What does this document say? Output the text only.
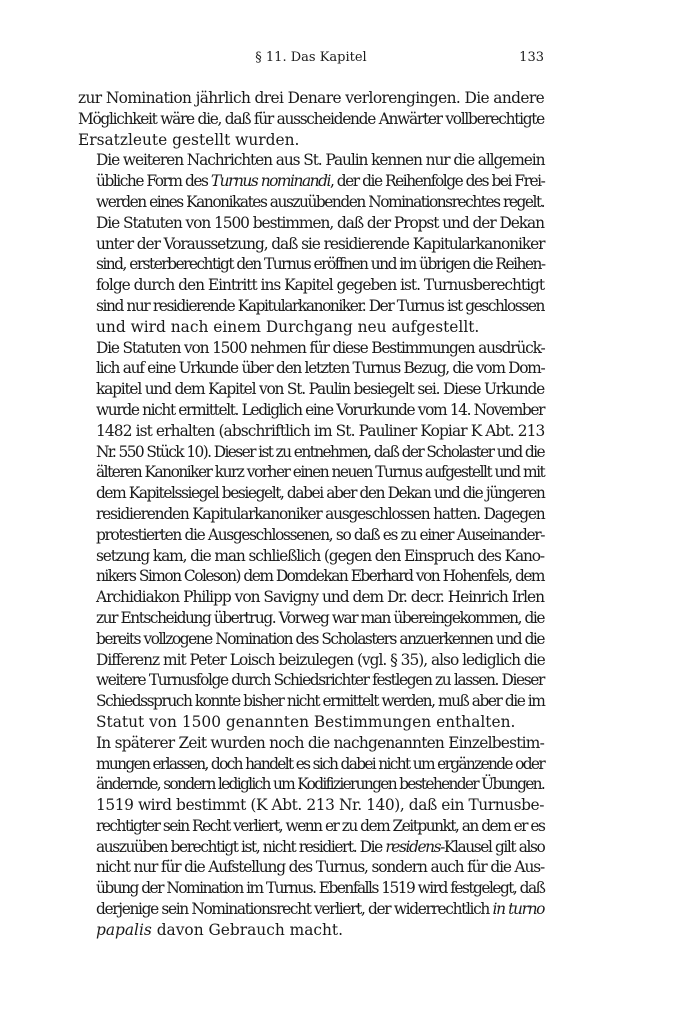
§ 11. Das Kapitel	133

zur Nomination jährlich drei Denare verlorengingen. Die andere
Möglichkeit wäre die, daß für ausscheidende Anwärter vollberechtigte
Ersatzleute gestellt wurden.

Die weiteren Nachrichten aus St. Paulin kennen nur die allgemein
übliche Form des Turnus nominandi, der die Reihenfolge des bei Frei-
werden eines Kanonikates auszuübenden Nominationsrechtes regelt.
Die Statuten von 1500 bestimmen, daß der Propst und der Dekan
unter der Voraussetzung, daß sie residierende Kapitularkanoniker
sind, ersterberechtigt den Turnus eröffnen und im übrigen die Reihen-
folge durch den Eintritt ins Kapitel gegeben ist. Turnusberechtigt
sind nur residierende Kapitularkanoniker. Der Turnus ist geschlossen
und wird nach einem Durchgang neu aufgestellt.

Die Statuten von 1500 nehmen für diese Bestimmungen ausdrück-
lich auf eine Urkunde über den letzten Turnus Bezug, die vom Dom-
kapitel und dem Kapitel von St. Paulin besiegelt sei. Diese Urkunde
wurde nicht ermittelt. Lediglich eine Vorurkunde vom 14. November
1482 ist erhalten (abschriftlich im St. Pauliner Kopiar K Abt. 213
Nr. 550 Stück 10). Dieser ist zu entnehmen, daß der Scholaster und die
älteren Kanoniker kurz vorher einen neuen Turnus aufgestellt und mit
dem Kapitelssiegel besiegelt, dabei aber den Dekan und die jüngeren
residierenden Kapitularkanoniker ausgeschlossen hatten. Dagegen
protestierten die Ausgeschlossenen, so daß es zu einer Auseinander-
setzung kam, die man schließlich (gegen den Einspruch des Kano-
nikers Simon Coleson) dem Domdekan Eberhard von Hohenfels, dem
Archidiakon Philipp von Savigny und dem Dr. decr. Heinrich Irlen
zur Entscheidung übertrug. Vorweg war man übereingekommen, die
bereits vollzogene Nomination des Scholasters anzuerkennen und die
Differenz mit Peter Loisch beizulegen (vgl. § 35), also lediglich die
weitere Turnusfolge durch Schiedsrichter festlegen zu lassen. Dieser
Schiedsspruch konnte bisher nicht ermittelt werden, muß aber die im
Statut von 1500 genannten Bestimmungen enthalten.

In späterer Zeit wurden noch die nachgenannten Einzelbestim-
mungen erlassen, doch handelt es sich dabei nicht um ergänzende oder
ändernde, sondern lediglich um Kodifizierungen bestehender Übungen.

1519 wird bestimmt (K Abt. 213 Nr. 140), daß ein Turnusbe-
rechtigter sein Recht verliert, wenn er zu dem Zeitpunkt, an dem er es
auszuüben berechtigt ist, nicht residiert. Die residens-Klausel gilt also
nicht nur für die Aufstellung des Turnus, sondern auch für die Aus-
übung der Nomination im Turnus. Ebenfalls 1519 wird festgelegt, daß
derjenige sein Nominationsrecht verliert, der widerrechtlich in turno
papalis davon Gebrauch macht.
